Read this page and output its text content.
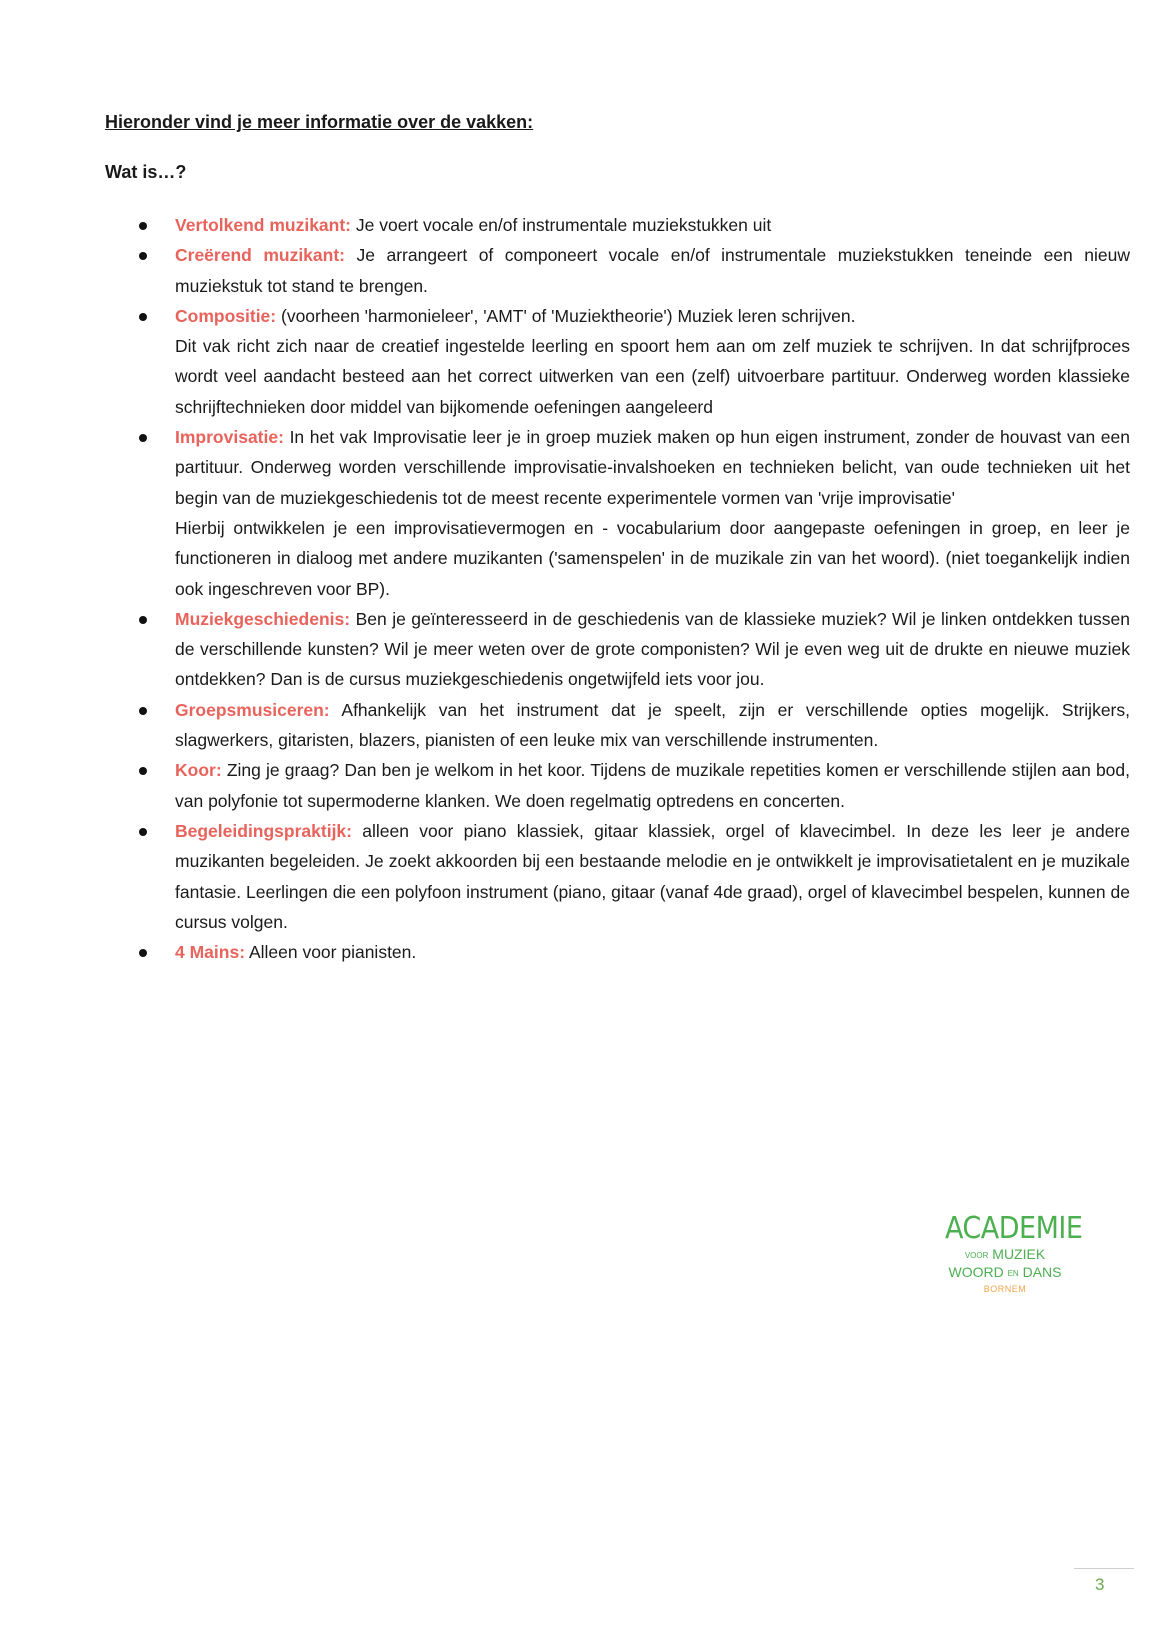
Hieronder vind je meer informatie over de vakken:
Wat is…?
Vertolkend muzikant: Je voert vocale en/of instrumentale muziekstukken uit
Creërend muzikant: Je arrangeert of componeert vocale en/of instrumentale muziekstukken teneinde een nieuw muziekstuk tot stand te brengen.
Compositie: (voorheen 'harmonieleer', 'AMT' of 'Muziektheorie') Muziek leren schrijven.
Dit vak richt zich naar de creatief ingestelde leerling en spoort hem aan om zelf muziek te schrijven. In dat schrijfproces wordt veel aandacht besteed aan het correct uitwerken van een (zelf) uitvoerbare partituur. Onderweg worden klassieke schrijftechnieken door middel van bijkomende oefeningen aangeleerd
Improvisatie: In het vak Improvisatie leer je in groep muziek maken op hun eigen instrument, zonder de houvast van een partituur. Onderweg worden verschillende improvisatie-invalshoeken en technieken belicht, van oude technieken uit het begin van de muziekgeschiedenis tot de meest recente experimentele vormen van 'vrije improvisatie'
Hierbij ontwikkelen je een improvisatievermogen en - vocabularium door aangepaste oefeningen in groep, en leer je functioneren in dialoog met andere muzikanten ('samenspelen' in de muzikale zin van het woord). (niet toegankelijk indien ook ingeschreven voor BP).
Muziekgeschiedenis: Ben je geïnteresseerd in de geschiedenis van de klassieke muziek? Wil je linken ontdekken tussen de verschillende kunsten? Wil je meer weten over de grote componisten? Wil je even weg uit de drukte en nieuwe muziek ontdekken? Dan is de cursus muziekgeschiedenis ongetwijfeld iets voor jou.
Groepsmusiceren: Afhankelijk van het instrument dat je speelt, zijn er verschillende opties mogelijk. Strijkers, slagwerkers, gitaristen, blazers, pianisten of een leuke mix van verschillende instrumenten.
Koor: Zing je graag? Dan ben je welkom in het koor. Tijdens de muzikale repetities komen er verschillende stijlen aan bod, van polyfonie tot supermoderne klanken. We doen regelmatig optredens en concerten.
Begeleidingspraktijk: alleen voor piano klassiek, gitaar klassiek, orgel of klavecimbel. In deze les leer je andere muzikanten begeleiden. Je zoekt akkoorden bij een bestaande melodie en je ontwikkelt je improvisatietalent en je muzikale fantasie. Leerlingen die een polyfoon instrument (piano, gitaar (vanaf 4de graad), orgel of klavecimbel bespelen, kunnen de cursus volgen.
4 Mains: Alleen voor pianisten.
ACADEMIE
VOOR MUZIEK
WOORD EN DANS
BORNEM
3
